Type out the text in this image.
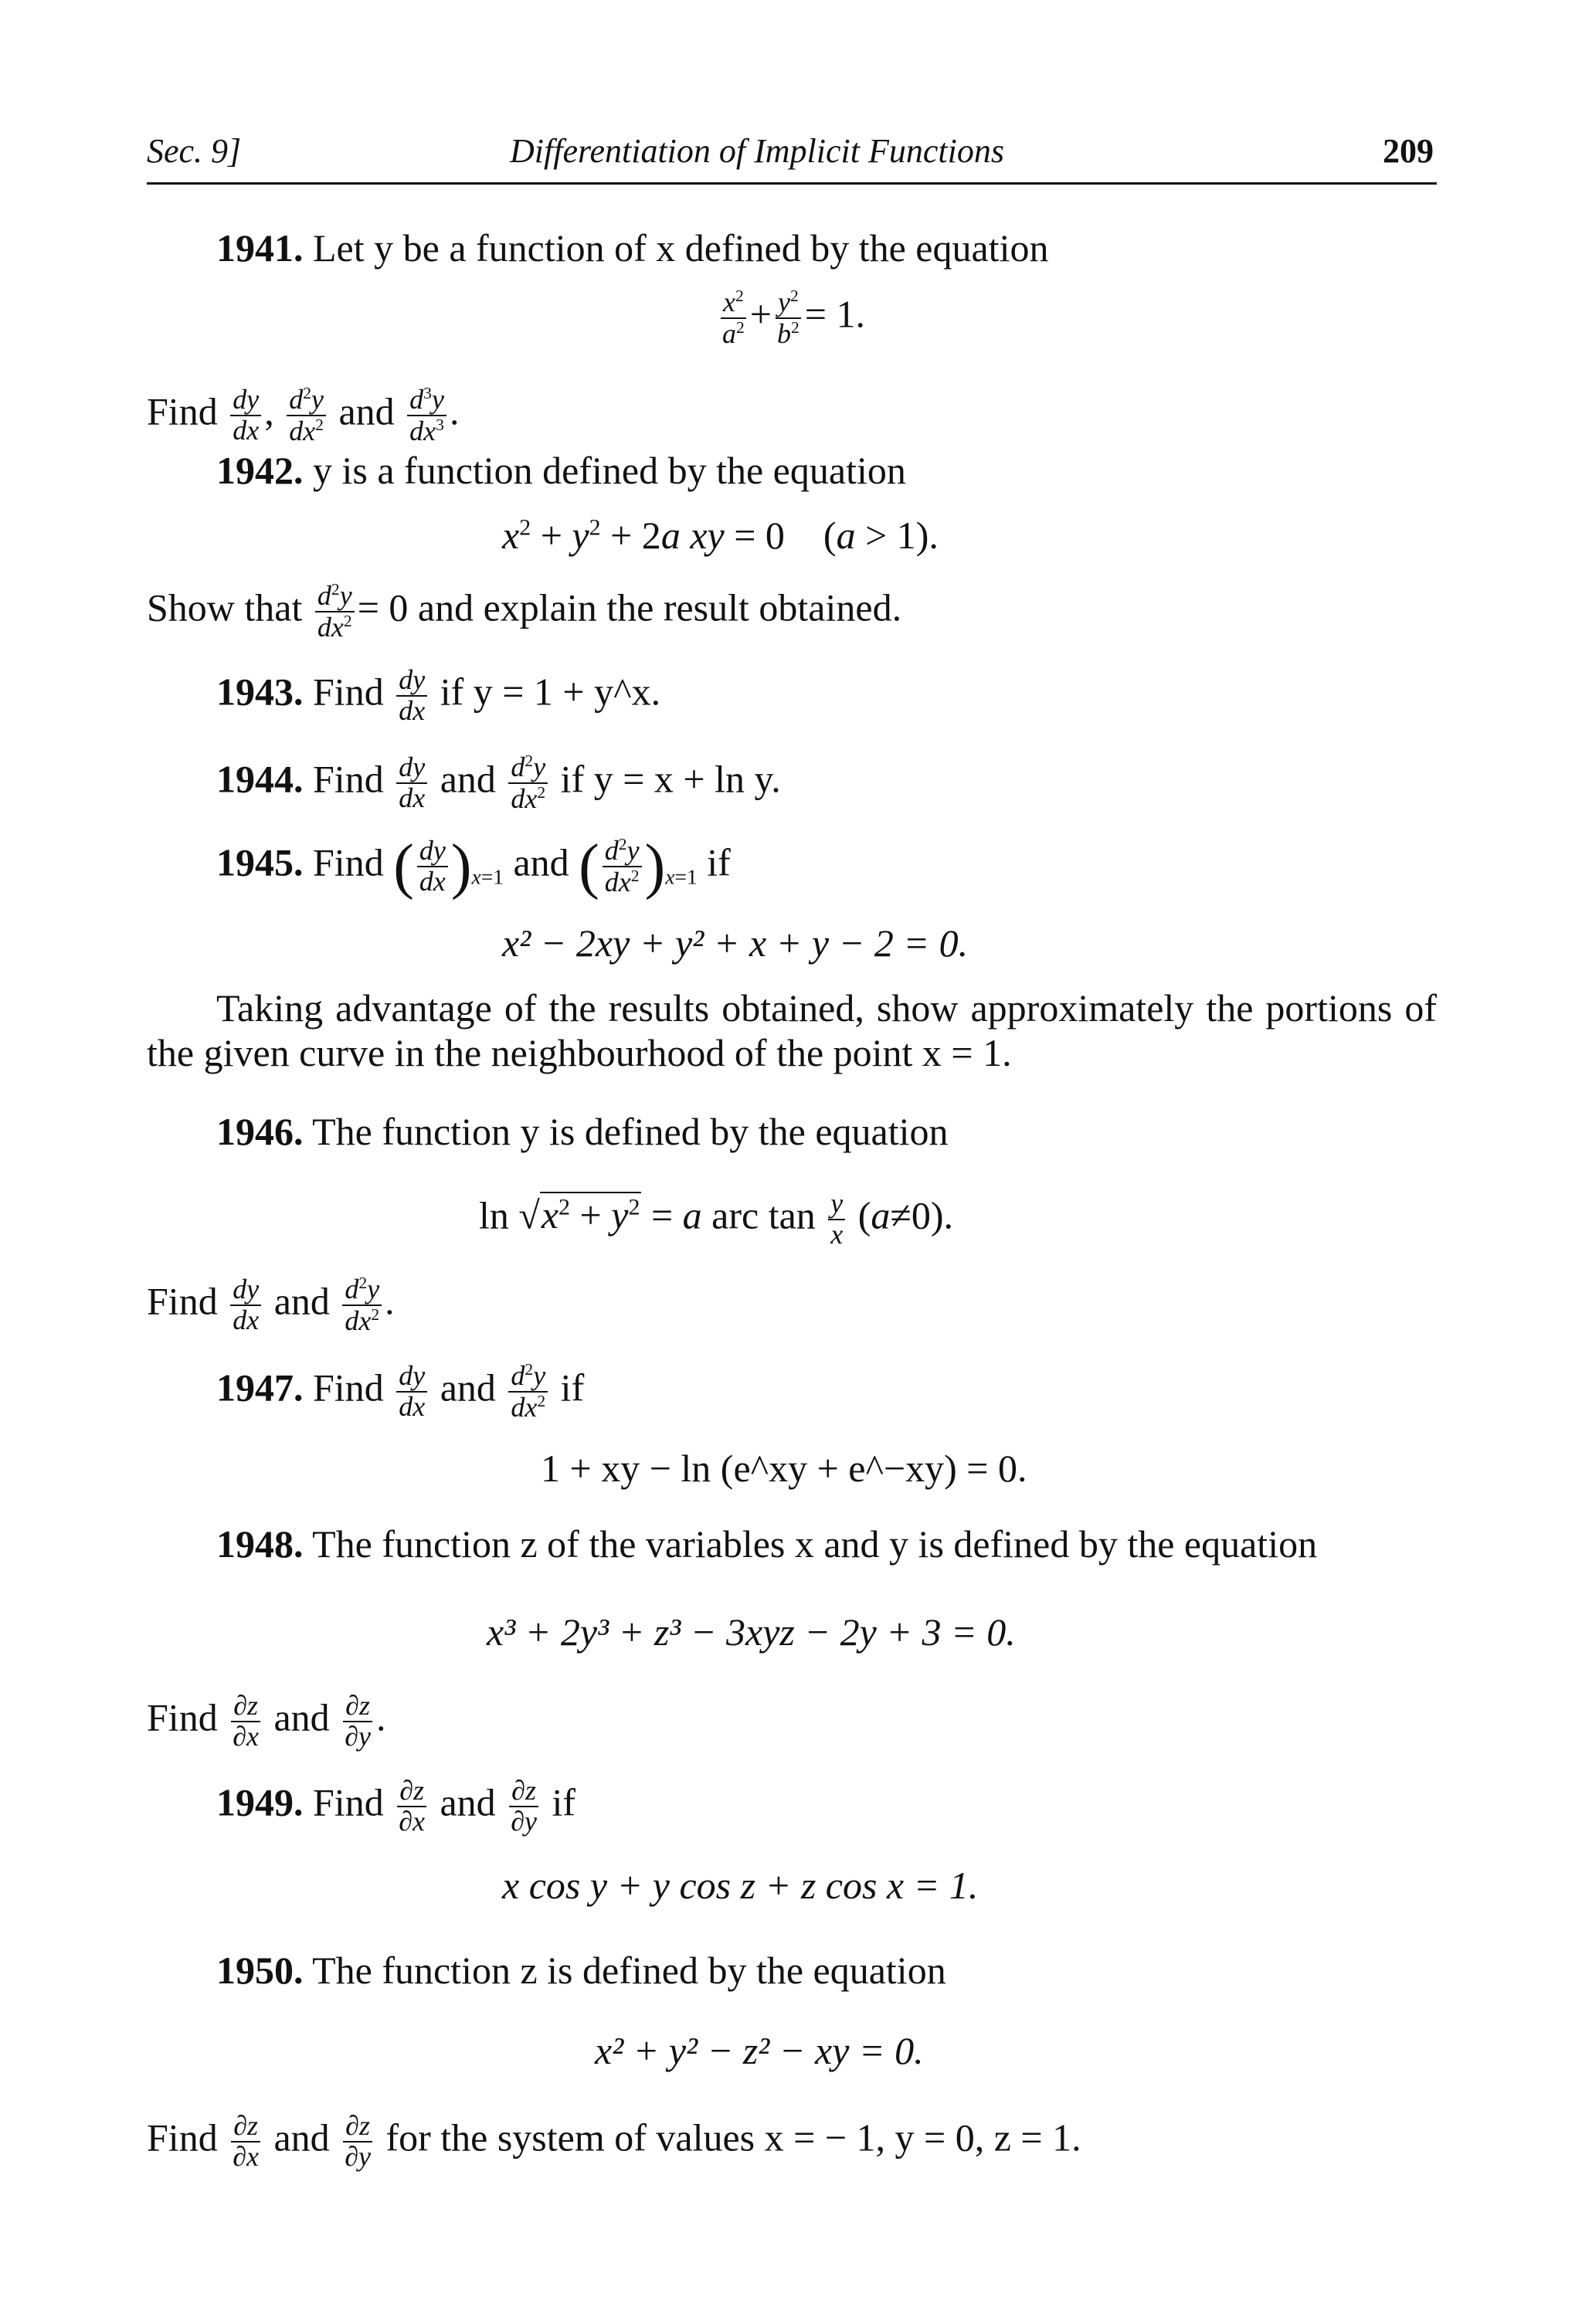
Sec. 9]	Differentiation of Implicit Functions	209
1941. Let y be a function of x defined by the equation
$\frac{x^2}{a^2} + \frac{y^2}{b^2} = 1$.
Find $\frac{dy}{dx}$ , $\frac{d^2y}{dx^2}$ and $\frac{d^3y}{dx^3}$ .
1942. y is a function defined by the equation
$x^2 + y^2 + 2a$ xy = 0    (a > 1).
Show that $\frac{d^2y}{dx^2} = 0$ and explain the result obtained.
1943. Find $\frac{dy}{dx}$ if y = 1 + y^x.
1944. Find $\frac{dy}{dx}$ and $\frac{d^2y}{dx^2}$ if y = x + ln y.
1945. Find ( $\frac{dy}{dx} )_{x=1}$ and ( $\frac{d^2y}{dx^2} )_{x=1}$ if
x² − 2xy + y² + x + y − 2 = 0.
Taking advantage of the results obtained, show approximately the portions of the given curve in the neighbourhood of the point x = 1.
1946. The function y is defined by the equation
$\ln √x^2 + y^2 = a$ arc $\tan \frac{y}{x} (a\ne 0)$.
Find $\frac{dy}{dx}$ and $\frac{d^2y}{dx^2}$ .
1947. Find $\frac{dy}{dx}$ and $\frac{d^2y}{dx^2}$ if
1 + xy − ln (e^xy + e^−xy) = 0.
1948. The function z of the variables x and y is defined by the equation
x³ + 2y³ + z³ − 3xyz − 2y + 3 = 0.
Find $\frac{\partial z}{\partial x}$ and $\frac{\partial z}{\partial y}$ .
1949. Find $\frac{\partial z}{\partial x}$ and $\frac{\partial z}{\partial y}$ if
x cos y + y cos z + z cos x = 1.
1950. The function z is defined by the equation
x² + y² − z² − xy = 0.
Find $\frac{\partial z}{\partial x}$ and $\frac{\partial z}{\partial y}$ for the system of values x = − 1, y = 0, z = 1.
